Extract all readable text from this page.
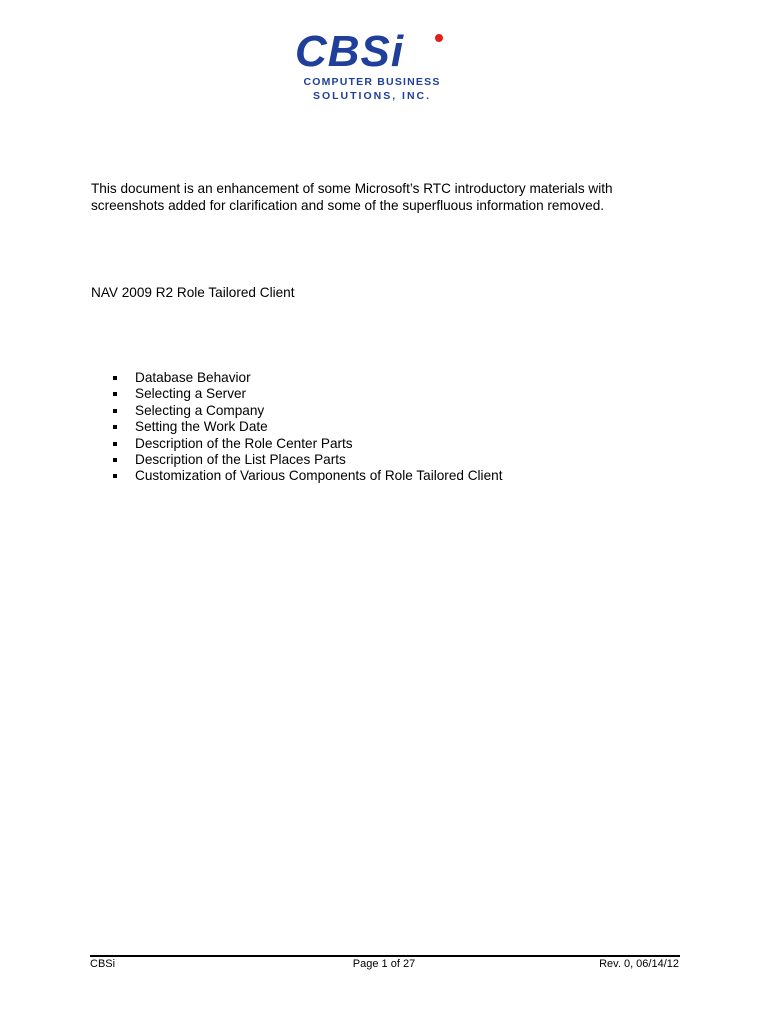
CBSi
COMPUTER BUSINESS
SOLUTIONS, INC.

This document is an enhancement of some Microsoft’s RTC introductory materials with screenshots added for clarification and some of the superfluous information removed.

NAV 2009 R2 Role Tailored Client
Database Behavior
Selecting a Server
Selecting a Company
Setting the Work Date
Description of the Role Center Parts
Description of the List Places Parts
Customization of Various Components of Role Tailored Client
CBSi	Page 1 of 27	Rev. 0, 06/14/12
